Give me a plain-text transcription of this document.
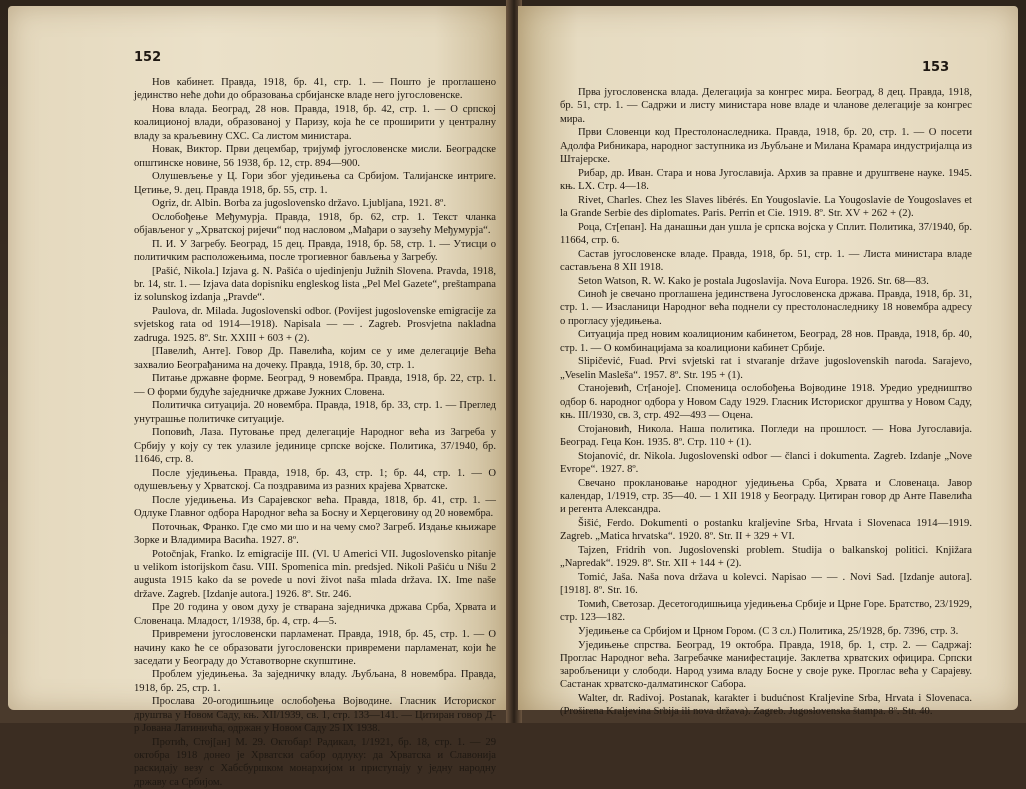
152

Нов кабинет. Правда, 1918, бр. 41, стр. 1. — Пошто је проглашено јединство неће доћи до образовања србијанске владе него југословенске.

Нова влада. Београд, 28 нов. Правда, 1918, бр. 42, стр. 1. — О српској коалиционој влади, образованој у Паризу, која ће се проширити у централну владу за краљевину СХС. Са листом министара.

Новак, Виктор. Први децембар, тријумф југословенске мисли. Београдске општинске новине, 56 1938, бр. 12, стр. 894—900.

Олушевљење у Ц. Гори због уједињења са Србијом. Талијанске интриге. Цетиње, 9. дец. Правда 1918, бр. 55, стр. 1.

Ogriz, dr. Albin. Borba za jugoslovensko državo. Ljubljana, 1921. 8º.

Ослобођење Међумурја. Правда, 1918, бр. 62, стр. 1. Текст чланка објављеног у „Хрватској ријечи“ под насловом „Мађари о заузећу Међумурја“.

П. И. У Загребу. Београд, 15 дец. Правда, 1918, бр. 58, стр. 1. — Утисци о политичким расположењима, после трогиевног бављења у Загребу.

[Pašić, Nikola.] Izjava g. N. Pašića o ujedinjenju Južnih Slovena. Pravda, 1918, br. 14, str. 1. — Izjava data dopisniku engleskog lista „Pel Mel Gazete“, preštampana iz solunskog izdanja „Pravde“.

Paulova, dr. Milada. Jugoslovenski odbor. (Povijest jugoslovenske emigracije za svjetskog rata od 1914—1918). Napisala — — . Zagreb. Prosvjetna nakladna zadruga. 1925. 8º. Str. XXIII + 603 + (2).

[Павелић, Анте]. Говор Др. Павелића, којим се у име делегације Већа захвалио Београђанима на дочеку. Правда, 1918, бр. 30, стр. 1.

Питање државне форме. Београд, 9 новембра. Правда, 1918, бр. 22, стр. 1. — О форми будуће заједничке државе Јужних Словена.

Политичка ситуација. 20 новембра. Правда, 1918, бр. 33, стр. 1. — Преглед унутрашње политичке ситуације.

Поповић, Лаза. Путовање пред делегације Народног већа из Загреба у Србију у коју су тек улазиле јединице српске војске. Политика, 37/1940, бр. 11646, стр. 8.

После уједињења. Правда, 1918, бр. 43, стр. 1; бр. 44, стр. 1. — О одушевљењу у Хрватској. Са поздравима из разних крајева Хрватске.

После уједињења. Из Сарајевског већа. Правда, 1818, бр. 41, стр. 1. — Одлуке Главног одбора Народног већа за Босну и Херцеговину од 20 новембра.

Поточњак, Франко. Где смо ми шо и на чему смо? Загреб. Издање књижаре Зорке и Владимира Васића. 1927. 8º.

Potočnjak, Franko. Iz emigracije III. (Vl. U Americi VII. Jugoslovensko pitanje u velikom istorijskom času. VIII. Spomenica min. predsjed. Nikoli Pašiću u Nišu 2 augusta 1915 kako da se povede u novi život naša mlada država. IX. Ime naše države. Zagreb. [Izdanje autora.] 1926. 8º. Str. 246.

Пре 20 година у овом духу је стварана заједничка држава Срба, Хрвата и Словенаца. Младост, 1/1938, бр. 4, стр. 4—5.

Привремени југословенски парламенат. Правда, 1918, бр. 45, стр. 1. — О начину како ће се образовати југословенски привремени парламенат, који ће заседати у Београду до Уставотворне скупштине.

Проблем уједињења. За заједничку владу. Љубљана, 8 новембра. Правда, 1918, бр. 25, стр. 1.

Прослава 20-огодишњице ослобођења Војводине. Гласник Историског друштва у Новом Саду, књ. XII/1939, св. 1, стр. 133—141. — Цитиран говор Д-р Јована Латиничћа, одржан у Новом Саду 25 IX 1938.

Протић, Стој[ан] М. 29. Октобар! Радикал, 1/1921, бр. 18, стр. 1. — 29 октобра 1918 донео је Хрватски сабор одлуку: да Хрватска и Славонија раскидају везу с Хабсбуршком монархијом и приступају у једну народну државу са Србијом.

153

Прва југословенска влада. Делегација за конгрес мира. Београд, 8 дец. Правда, 1918, бр. 51, стр. 1. — Садржи и листу министара нове владе и чланове делегације за конгрес мира.

Први Словенци код Престолонаследника. Правда, 1918, бр. 20, стр. 1. — О посети Адолфа Рибникара, народног заступника из Љубљане и Милана Крамара индустријалца из Штајерске.

Рибар, др. Иван. Стара и нова Југославија. Архив за правне и друштвене науке. 1945. књ. LX. Стр. 4—18.

Rivet, Charles. Chez les Slaves libérés. En Yougoslavie. La Yougoslavie de Yougoslaves et la Grande Serbie des diplomates. Paris. Perrin et Cie. 1919. 8º. Str. XV + 262 + (2).

Роца, Ст[епан]. На данашњи дан ушла је српска војска у Сплит. Политика, 37/1940, бр. 11664, стр. 6.

Састав југословенске владе. Правда, 1918, бр. 51, стр. 1. — Листа министара владе састављена 8 XII 1918.

Seton Watson, R. W. Kako je postala Jugoslavija. Nova Europa. 1926. Str. 68—83.

Синоћ је свечано проглашена јединствена Југословенска држава. Правда, 1918, бр. 31, стр. 1. — Изасланици Народног већа поднели су престолонаследнику 18 новембра адресу о прогласу уједињења.

Ситуација пред новим коалиционим кабинетом, Београд, 28 нов. Правда, 1918, бр. 40, стр. 1. — О комбинацијама за коалициони кабинет Србије.

Slipičević, Fuad. Prvi svjetski rat i stvaranje države jugoslovenskih naroda. Sarajevo, „Veselin Masleša“. 1957. 8º. Str. 195 + (1).

Станојевић, Ст[аноје]. Споменица ослобођења Војводине 1918. Уредио уредништво одбор 6. народног одбора у Новом Саду 1929. Гласник Историског друштва у Новом Саду, књ. III/1930, св. 3, стр. 492—493 — Оцена.

Стојановић, Никола. Наша политика. Погледи на прошлост. — Нова Југославија. Београд. Геца Кон. 1935. 8º. Стр. 110 + (1).

Stojanović, dr. Nikola. Jugoslovenski odbor — članci i dokumenta. Zagreb. Izdanje „Nove Evrope“. 1927. 8º.

Свечано проклановање народног уједињења Срба, Хрвата и Словенаца. Јавор календар, 1/1919, стр. 35—40. — 1 XII 1918 у Београду. Цитиран говор др Анте Павелића и регента Александра.

Šišić, Ferdo. Dokumenti o postanku kraljevine Srba, Hrvata i Slovenaca 1914—1919. Zagreb. „Matica hrvatska“. 1920. 8º. Str. II + 329 + VI.

Tajzen, Fridrih von. Jugoslovenski problem. Studija o balkanskoj politici. Knjižara „Napredak“. 1929. 8º. Str. XII + 144 + (2).

Tomić, Jaša. Naša nova država u kolevci. Napisao — — . Novi Sad. [Izdanje autora]. [1918]. 8º. Str. 16.

Томић, Светозар. Десетогодишњица уједињења Србије и Црне Горе. Братство, 23/1929, стр. 123—182.

Уједињење са Србијом и Црном Гором. (С 3 сл.) Политика, 25/1928, бр. 7396, стр. 3.

Уједињење спрства. Београд, 19 октобра. Правда, 1918, бр. 1, стр. 2. — Садржај: Проглас Народног већа. Загребачке манифестације. Заклетва хрватских официра. Српски заробљеници у слободи. Народ узима владу Босне у своје руке. Проглас већа у Сарајеву. Састанак хрватско-далматинског Сабора.

Walter, dr. Radivoj. Postanak, karakter i budućnost Kraljevine Srba, Hrvata i Slovenaca. (Proširena Kraljevina Srbija ili nova država). Zagreb. Jugoslovenska štampa. 8º. Str. 40.
